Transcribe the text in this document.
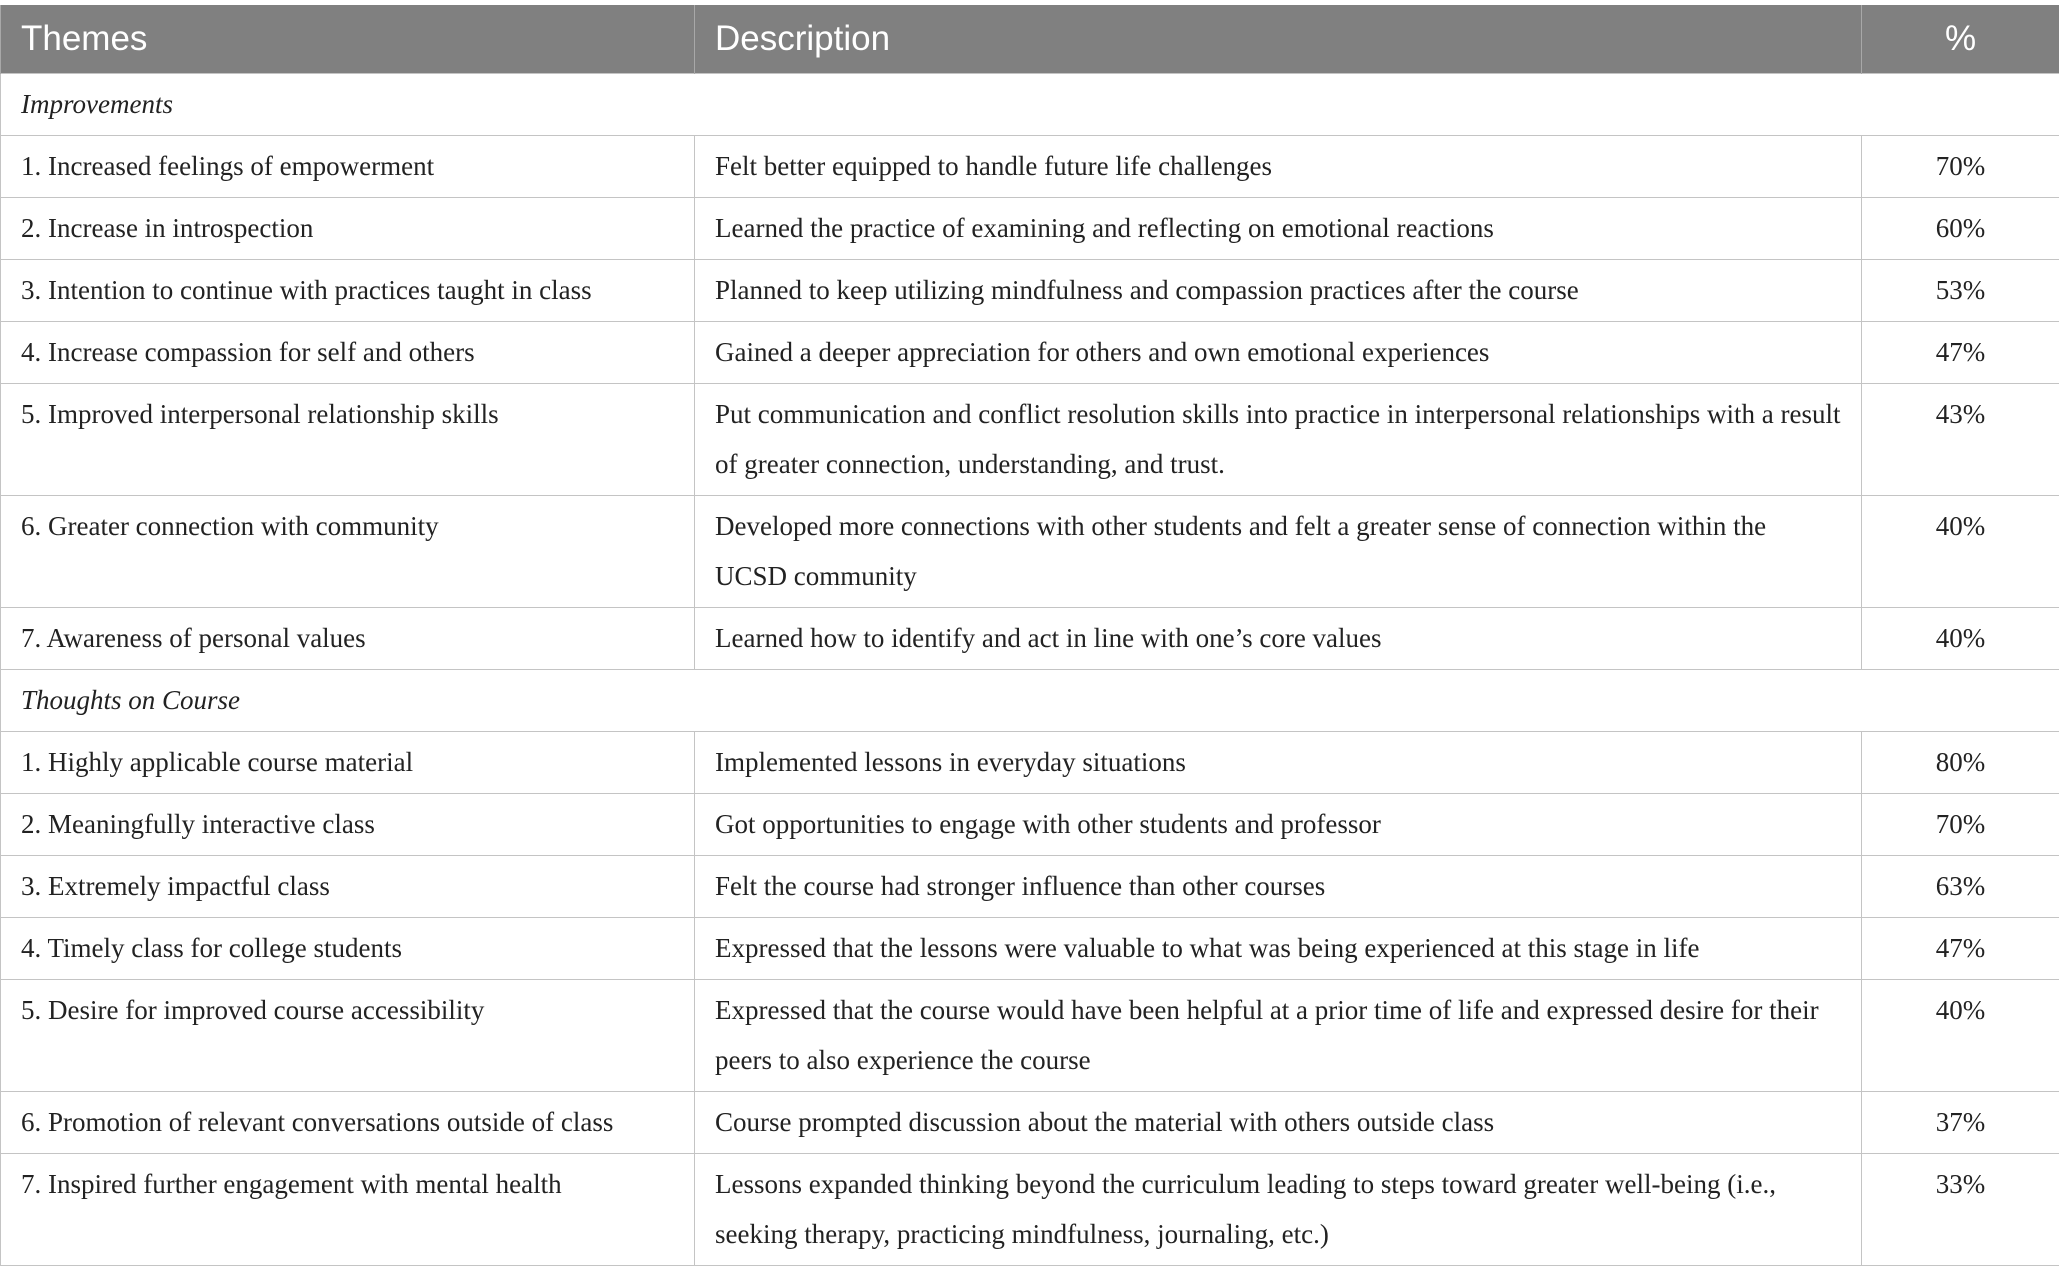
Themes	Description	%
Improvements		
1. Increased feelings of empowerment	Felt better equipped to handle future life challenges	70%
2. Increase in introspection	Learned the practice of examining and reflecting on emotional reactions	60%
3. Intention to continue with practices taught in class	Planned to keep utilizing mindfulness and compassion practices after the course	53%
4. Increase compassion for self and others	Gained a deeper appreciation for others and own emotional experiences	47%
5. Improved interpersonal relationship skills	Put communication and conflict resolution skills into practice in interpersonal relationships with a result of greater connection, understanding, and trust.	43%
6. Greater connection with community	Developed more connections with other students and felt a greater sense of connection within the UCSD community	40%
7. Awareness of personal values	Learned how to identify and act in line with one’s core values	40%
Thoughts on Course		
1. Highly applicable course material	Implemented lessons in everyday situations	80%
2. Meaningfully interactive class	Got opportunities to engage with other students and professor	70%
3. Extremely impactful class	Felt the course had stronger influence than other courses	63%
4. Timely class for college students	Expressed that the lessons were valuable to what was being experienced at this stage in life	47%
5. Desire for improved course accessibility	Expressed that the course would have been helpful at a prior time of life and expressed desire for their peers to also experience the course	40%
6. Promotion of relevant conversations outside of class	Course prompted discussion about the material with others outside class	37%
7. Inspired further engagement with mental health	Lessons expanded thinking beyond the curriculum leading to steps toward greater well-being (i.e., seeking therapy, practicing mindfulness, journaling, etc.)	33%
